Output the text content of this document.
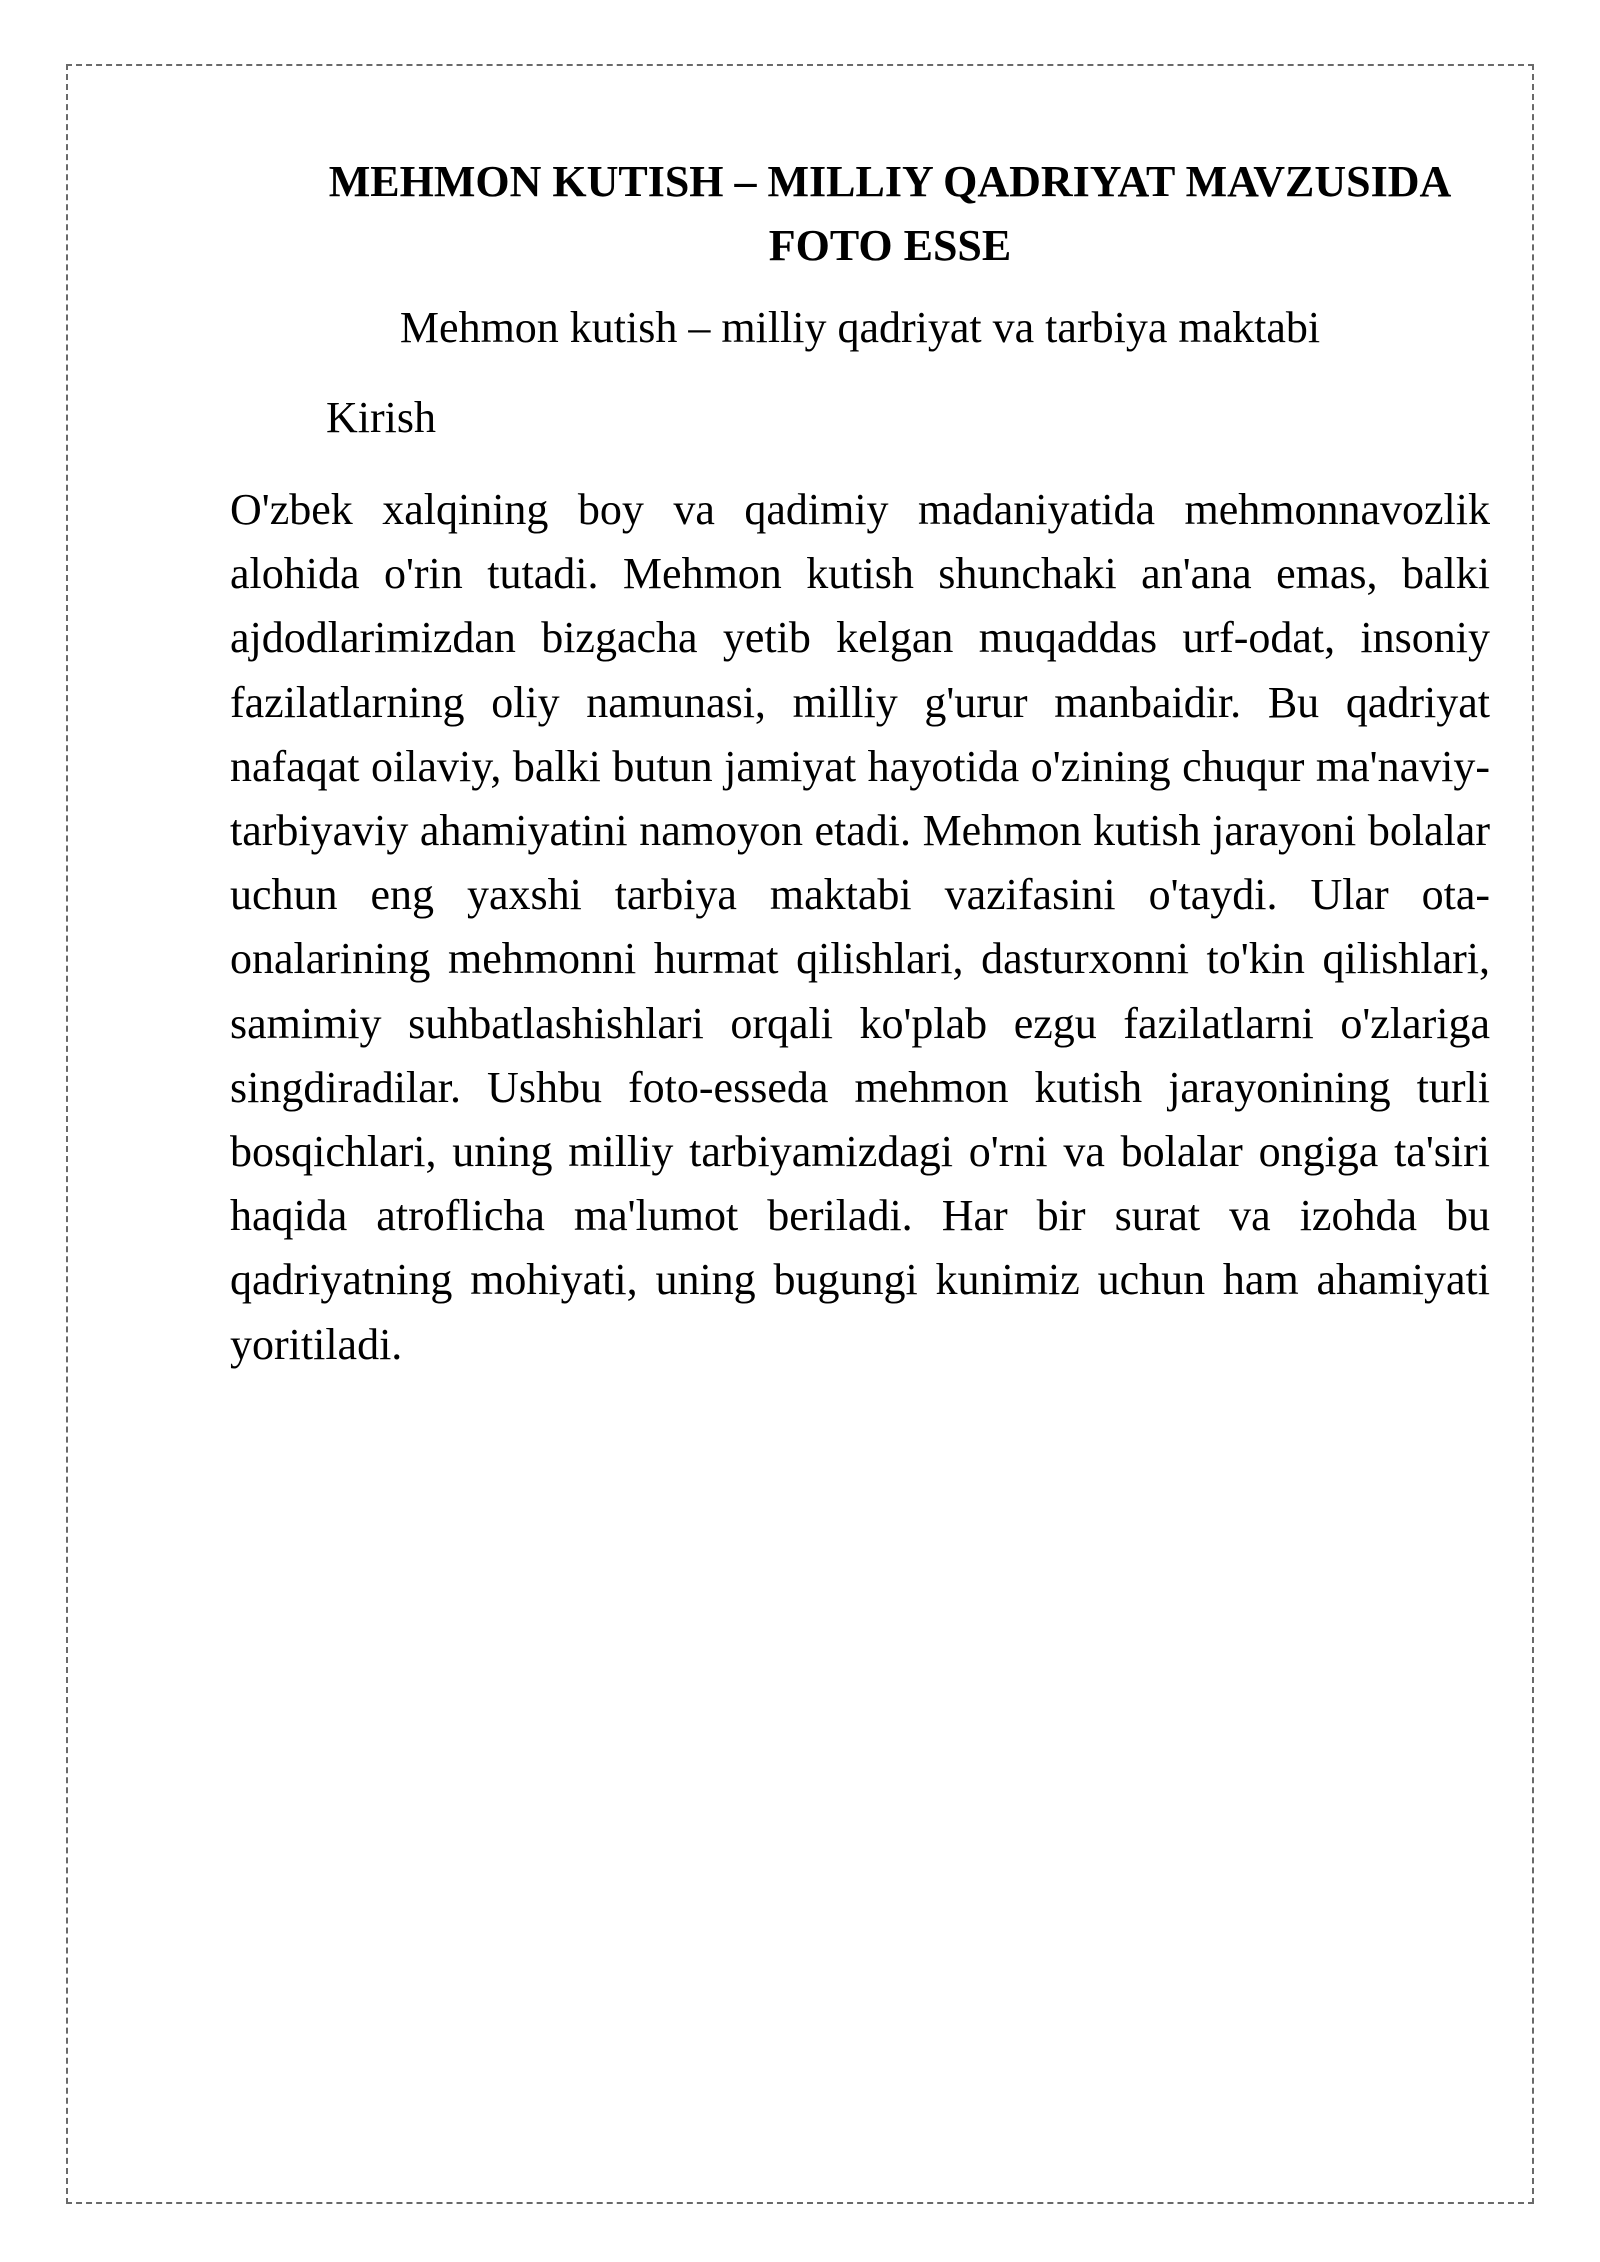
MEHMON KUTISH – MILLIY QADRIYAT MAVZUSIDA FOTO ESSE

Mehmon kutish – milliy qadriyat va tarbiya maktabi

Kirish

O'zbek xalqining boy va qadimiy madaniyatida mehmonnavozlik alohida o'rin tutadi. Mehmon kutish shunchaki an'ana emas, balki ajdodlarimizdan bizgacha yetib kelgan muqaddas urf-odat, insoniy fazilatlarning oliy namunasi, milliy g'urur manbaidir. Bu qadriyat nafaqat oilaviy, balki butun jamiyat hayotida o'zining chuqur ma'naviy-tarbiyaviy ahamiyatini namoyon etadi. Mehmon kutish jarayoni bolalar uchun eng yaxshi tarbiya maktabi vazifasini o'taydi. Ular ota-onalarining mehmonni hurmat qilishlari, dasturxonni to'kin qilishlari, samimiy suhbatlashishlari orqali ko'plab ezgu fazilatlarni o'zlariga singdiradilar. Ushbu foto-esseda mehmon kutish jarayonining turli bosqichlari, uning milliy tarbiyamizdagi o'rni va bolalar ongiga ta'siri haqida atroflicha ma'lumot beriladi. Har bir surat va izohda bu qadriyatning mohiyati, uning bugungi kunimiz uchun ham ahamiyati yoritiladi.
